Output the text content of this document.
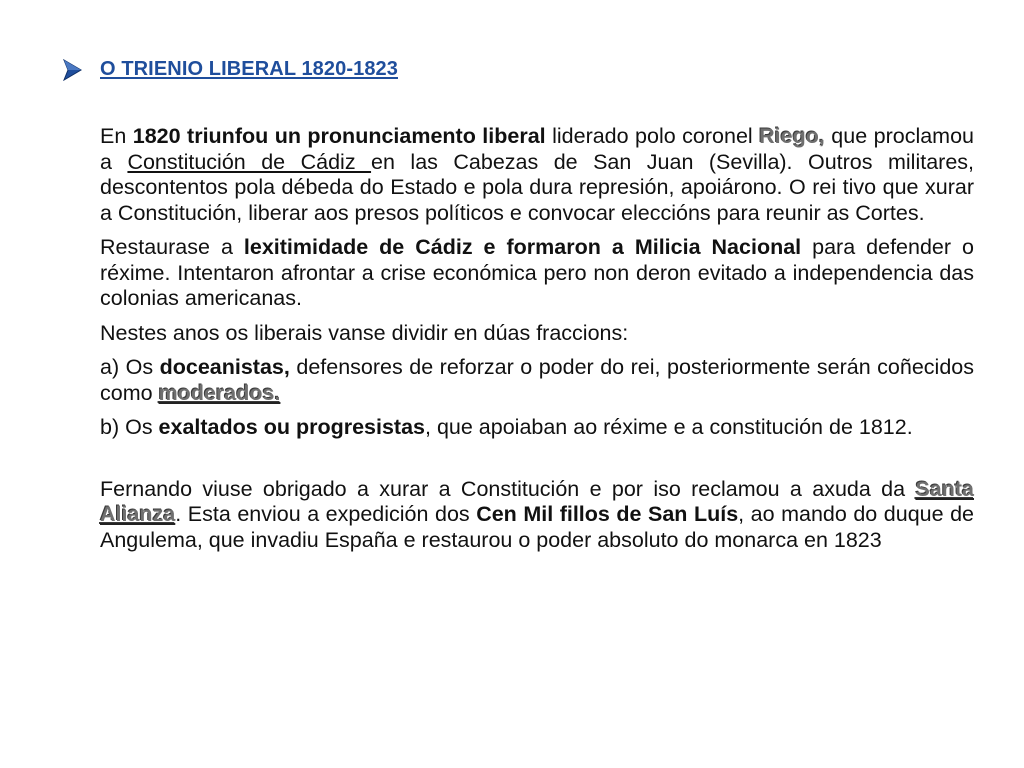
O TRIENIO LIBERAL 1820-1823

En 1820 triunfou un pronunciamento liberal liderado polo coronel Riego, que proclamou a Constitución de Cádiz en las Cabezas de San Juan (Sevilla). Outros militares, descontentos pola débeda do Estado e pola dura represión, apoiárono. O rei tivo que xurar a Constitución, liberar aos presos políticos e convocar eleccións para reunir as Cortes.

Restaurase a lexitimidade de Cádiz e formaron a Milicia Nacional para defender o réxime. Intentaron afrontar a crise económica pero non deron evitado a independencia das colonias americanas.

Nestes anos os liberais vanse dividir en dúas fraccions:

a) Os doceanistas, defensores de reforzar o poder do rei, posteriormente serán coñecidos como moderados.

b) Os exaltados ou progresistas, que apoiaban ao réxime e a constitución de 1812.

Fernando viuse obrigado a xurar a Constitución e por iso reclamou a axuda da Santa Alianza. Esta enviou a expedición dos Cen Mil fillos de San Luís, ao mando do duque de Angulema, que invadiu España e restaurou o poder absoluto do monarca en 1823
